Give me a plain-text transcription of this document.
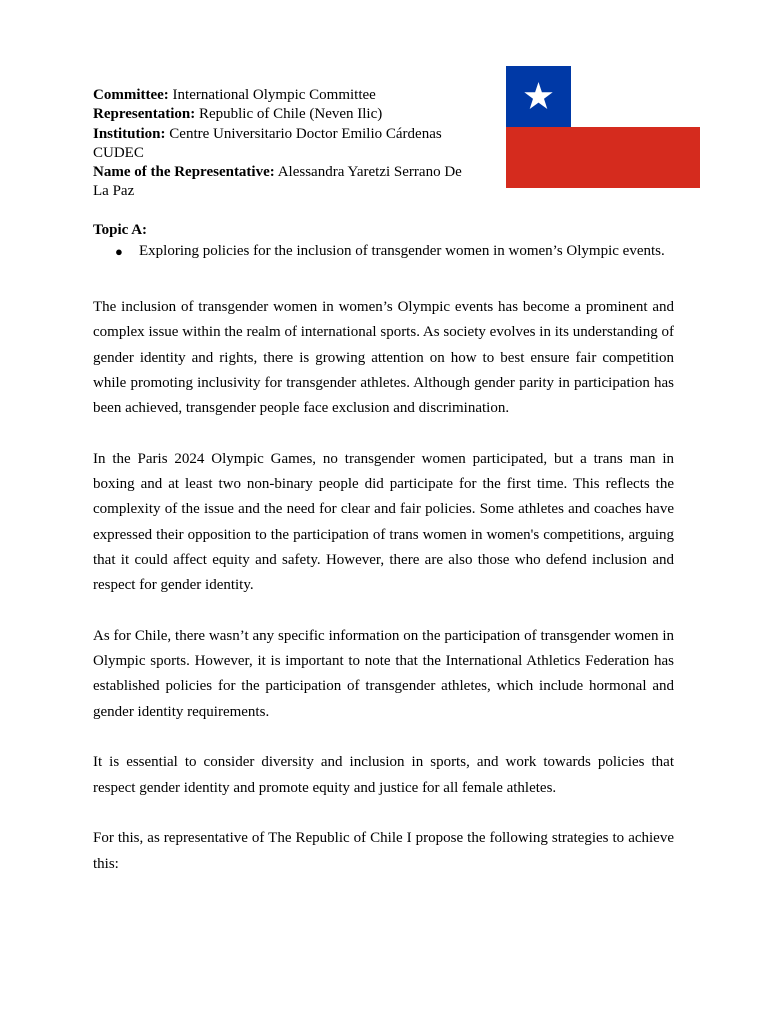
Committee: International Olympic Committee
Representation: Republic of Chile (Neven Ilic)
Institution: Centre Universitario Doctor Emilio Cárdenas CUDEC
Name of the Representative: Alessandra Yaretzi Serrano De La Paz
Topic A:
●	Exploring policies for the inclusion of transgender women in women’s Olympic events.

The inclusion of transgender women in women’s Olympic events has become a prominent and complex issue within the realm of international sports. As society evolves in its understanding of gender identity and rights, there is growing attention on how to best ensure fair competition while promoting inclusivity for transgender athletes. Although gender parity in participation has been achieved, transgender people face exclusion and discrimination.

In the Paris 2024 Olympic Games, no transgender women participated, but a trans man in boxing and at least two non-binary people did participate for the first time. This reflects the complexity of the issue and the need for clear and fair policies. Some athletes and coaches have expressed their opposition to the participation of trans women in women's competitions, arguing that it could affect equity and safety. However, there are also those who defend inclusion and respect for gender identity.

As for Chile, there wasn’t any specific information on the participation of transgender women in Olympic sports. However, it is important to note that the International Athletics Federation has established policies for the participation of transgender athletes, which include hormonal and gender identity requirements.

It is essential to consider diversity and inclusion in sports, and work towards policies that respect gender identity and promote equity and justice for all female athletes.

For this, as representative of The Republic of Chile I propose the following strategies to achieve this:
